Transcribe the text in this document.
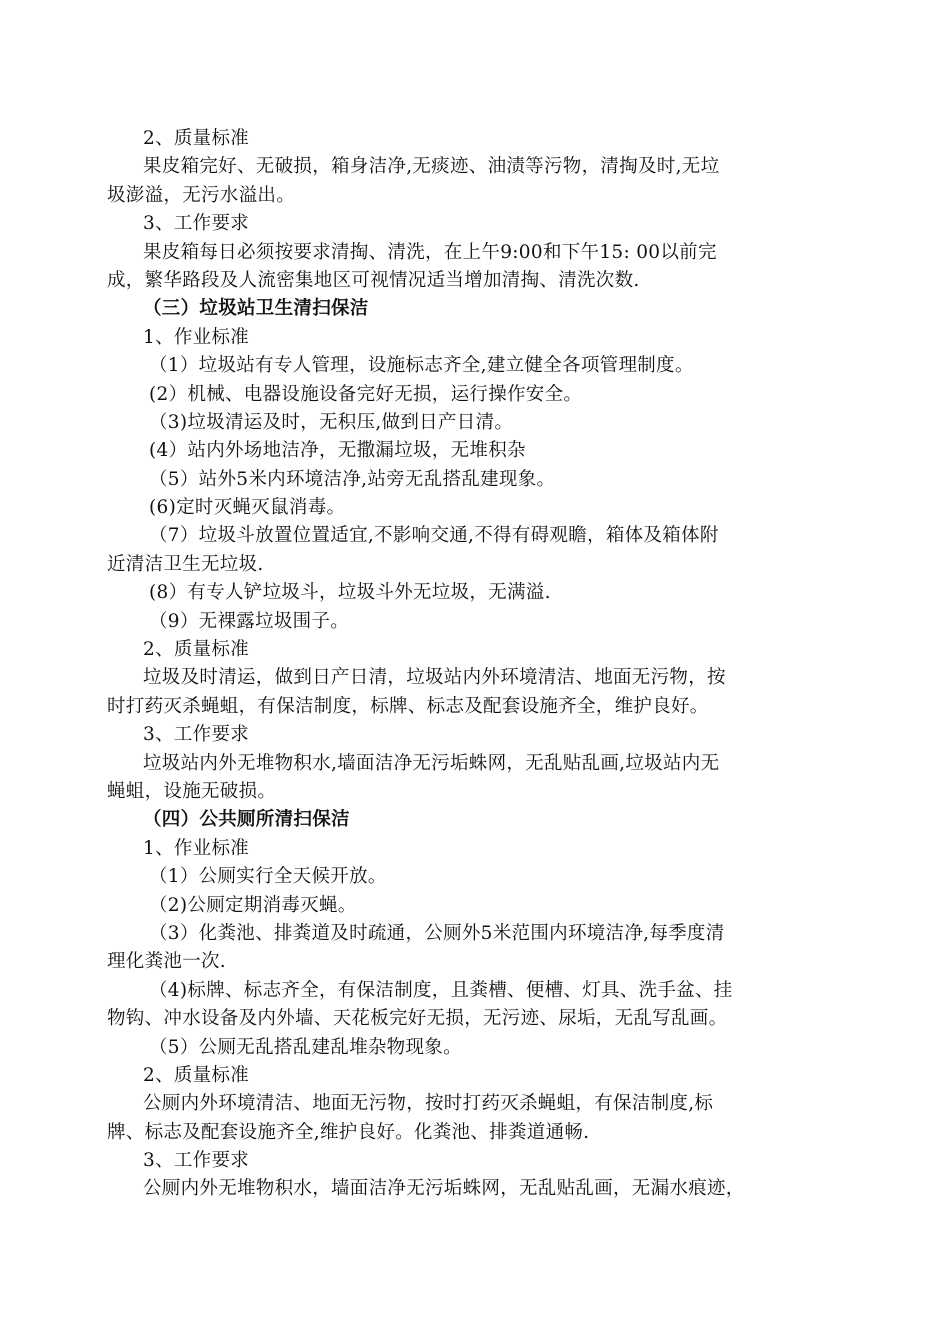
2、质量标准
果皮箱完好、无破损，箱身洁净,无痰迹、油渍等污物，清掏及时,无垃
圾澎溢，无污水溢出。
3、工作要求
果皮箱每日必须按要求清掏、清洗，在上午9:00和下午15: 00以前完
成，繁华路段及人流密集地区可视情况适当增加清掏、清洗次数.
（三）垃圾站卫生清扫保洁
1、作业标准
（1）垃圾站有专人管理，设施标志齐全,建立健全各项管理制度。
(2）机械、电器设施设备完好无损，运行操作安全。
（3)垃圾清运及时，无积压,做到日产日清。
(4）站内外场地洁净，无撒漏垃圾，无堆积杂
（5）站外5米内环境洁净,站旁无乱搭乱建现象。
(6)定时灭蝇灭鼠消毒。
（7）垃圾斗放置位置适宜,不影响交通,不得有碍观瞻，箱体及箱体附
近清洁卫生无垃圾.
(8）有专人铲垃圾斗，垃圾斗外无垃圾，无满溢.
（9）无裸露垃圾围子。
2、质量标准
垃圾及时清运，做到日产日清，垃圾站内外环境清洁、地面无污物，按
时打药灭杀蝇蛆，有保洁制度，标牌、标志及配套设施齐全，维护良好。
3、工作要求
垃圾站内外无堆物积水,墙面洁净无污垢蛛网，无乱贴乱画,垃圾站内无
蝇蛆，设施无破损。
（四）公共厕所清扫保洁
1、作业标准
（1）公厕实行全天候开放。
（2)公厕定期消毒灭蝇。
（3）化粪池、排粪道及时疏通，公厕外5米范围内环境洁净,每季度清
理化粪池一次.
（4)标牌、标志齐全，有保洁制度，且粪槽、便槽、灯具、洗手盆、挂
物钩、冲水设备及内外墙、天花板完好无损，无污迹、尿垢，无乱写乱画。
（5）公厕无乱搭乱建乱堆杂物现象。
2、质量标准
公厕内外环境清洁、地面无污物，按时打药灭杀蝇蛆，有保洁制度,标
牌、标志及配套设施齐全,维护良好。化粪池、排粪道通畅.
3、工作要求
公厕内外无堆物积水，墙面洁净无污垢蛛网，无乱贴乱画，无漏水痕迹，
